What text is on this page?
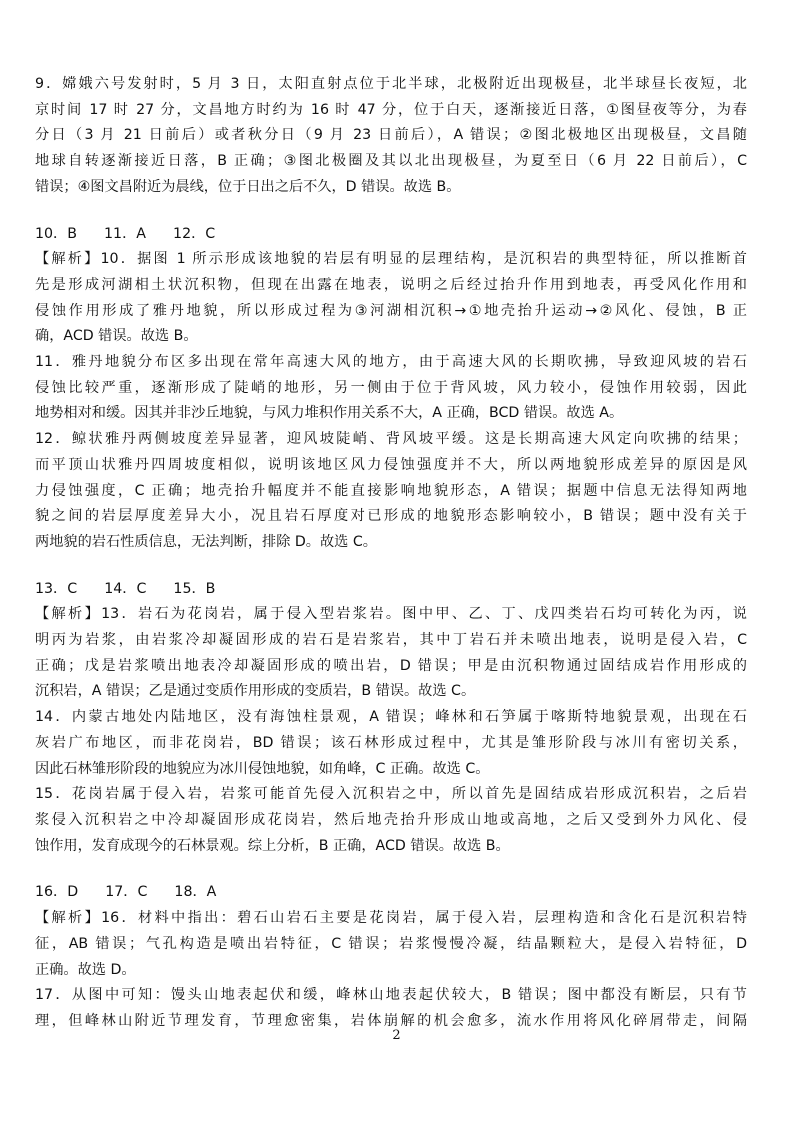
9．嫦娥六号发射时，5 月 3 日，太阳直射点位于北半球，北极附近出现极昼，北半球昼长夜短，北
京时间 17 时 27 分，文昌地方时约为 16 时 47 分，位于白天，逐渐接近日落，①图昼夜等分，为春
分日（3 月 21 日前后）或者秋分日（9 月 23 日前后），A 错误；②图北极地区出现极昼，文昌随
地球自转逐渐接近日落，B 正确；③图北极圈及其以北出现极昼，为夏至日（6 月 22 日前后），C
错误；④图文昌附近为晨线，位于日出之后不久，D 错误。故选 B。
10．B      11．A      12．C
【解析】10．据图 1 所示形成该地貌的岩层有明显的层理结构，是沉积岩的典型特征，所以推断首
先是形成河湖相土状沉积物，但现在出露在地表，说明之后经过抬升作用到地表，再受风化作用和
侵蚀作用形成了雅丹地貌，所以形成过程为③河湖相沉积→①地壳抬升运动→②风化、侵蚀，B 正
确，ACD 错误。故选 B。
11．雅丹地貌分布区多出现在常年高速大风的地方，由于高速大风的长期吹拂，导致迎风坡的岩石
侵蚀比较严重，逐渐形成了陡峭的地形，另一侧由于位于背风坡，风力较小，侵蚀作用较弱，因此
地势相对和缓。因其并非沙丘地貌，与风力堆积作用关系不大，A 正确，BCD 错误。故选 A。
12．鲸状雅丹两侧坡度差异显著，迎风坡陡峭、背风坡平缓。这是长期高速大风定向吹拂的结果；
而平顶山状雅丹四周坡度相似，说明该地区风力侵蚀强度并不大，所以两地貌形成差异的原因是风
力侵蚀强度，C 正确；地壳抬升幅度并不能直接影响地貌形态，A 错误；据题中信息无法得知两地
貌之间的岩层厚度差异大小，况且岩石厚度对已形成的地貌形态影响较小，B 错误；题中没有关于
两地貌的岩石性质信息，无法判断，排除 D。故选 C。
13．C      14．C      15．B
【解析】13．岩石为花岗岩，属于侵入型岩浆岩。图中甲、乙、丁、戊四类岩石均可转化为丙，说
明丙为岩浆，由岩浆冷却凝固形成的岩石是岩浆岩，其中丁岩石并未喷出地表，说明是侵入岩，C
正确；戊是岩浆喷出地表冷却凝固形成的喷出岩，D 错误；甲是由沉积物通过固结成岩作用形成的
沉积岩，A 错误；乙是通过变质作用形成的变质岩，B 错误。故选 C。
14．内蒙古地处内陆地区，没有海蚀柱景观，A 错误；峰林和石笋属于喀斯特地貌景观，出现在石
灰岩广布地区，而非花岗岩，BD 错误；该石林形成过程中，尤其是雏形阶段与冰川有密切关系，
因此石林雏形阶段的地貌应为冰川侵蚀地貌，如角峰，C 正确。故选 C。
15．花岗岩属于侵入岩，岩浆可能首先侵入沉积岩之中，所以首先是固结成岩形成沉积岩，之后岩
浆侵入沉积岩之中冷却凝固形成花岗岩，然后地壳抬升形成山地或高地，之后又受到外力风化、侵
蚀作用，发育成现今的石林景观。综上分析，B 正确，ACD 错误。故选 B。
16．D      17．C      18．A
【解析】16．材料中指出：碧石山岩石主要是花岗岩，属于侵入岩，层理构造和含化石是沉积岩特
征，AB 错误；气孔构造是喷出岩特征，C 错误；岩浆慢慢冷凝，结晶颗粒大，是侵入岩特征，D
正确。故选 D。
17．从图中可知：馒头山地表起伏和缓，峰林山地表起伏较大，B 错误；图中都没有断层，只有节
理，但峰林山附近节理发育，节理愈密集，岩体崩解的机会愈多，流水作用将风化碎屑带走，间隔
2
